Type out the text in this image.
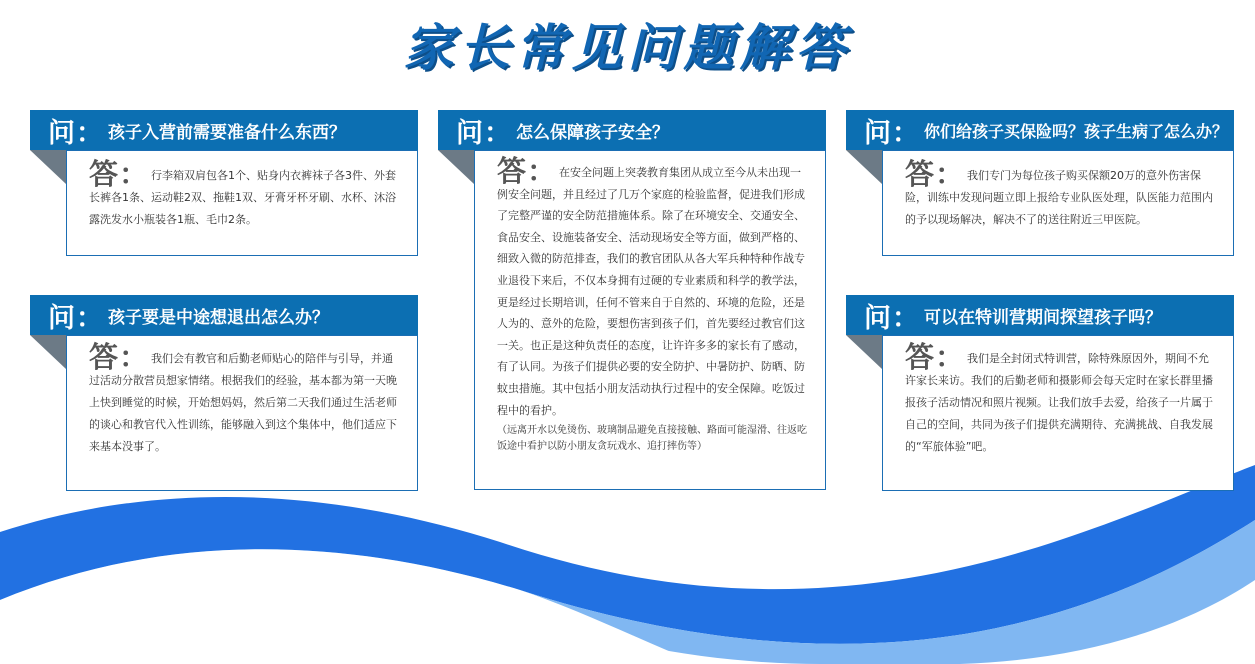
家长常见问题解答
答： 行李箱双肩包各1个、贴身内衣裤袜子各3件、外套长裤各1条、运动鞋2双、拖鞋1双、牙膏牙杯牙刷、水杯、沐浴露洗发水小瓶装各1瓶、毛巾2条。
问： 孩子入营前需要准备什么东西？
答： 我们会有教官和后勤老师贴心的陪伴与引导，并通过活动分散营员想家情绪。根据我们的经验，基本都为第一天晚上快到睡觉的时候，开始想妈妈，然后第二天我们通过生活老师的谈心和教官代入性训练，能够融入到这个集体中，他们适应下来基本没事了。
问： 孩子要是中途想退出怎么办？
答： 在安全问题上突袭教育集团从成立至今从未出现一例安全问题，并且经过了几万个家庭的检验监督，促进我们形成了完整严谨的安全防范措施体系。除了在环境安全、交通安全、食品安全、设施装备安全、活动现场安全等方面，做到严格的、细致入微的防范排查，我们的教官团队从各大军兵种特种作战专业退役下来后，不仅本身拥有过硬的专业素质和科学的教学法，更是经过长期培训，任何不管来自于自然的、环境的危险，还是人为的、意外的危险，要想伤害到孩子们，首先要经过教官们这一关。也正是这种负责任的态度，让许许多多的家长有了感动，有了认同。为孩子们提供必要的安全防护、中暑防护、防晒、防蚊虫措施。其中包括小朋友活动执行过程中的安全保障。吃饭过程中的看护。
（远离开水以免烫伤、玻璃制品避免直接接触、路面可能湿滑、往返吃饭途中看护以防小朋友贪玩戏水、追打摔伤等）
问： 怎么保障孩子安全？
答： 我们专门为每位孩子购买保额20万的意外伤害保险，训练中发现问题立即上报给专业队医处理，队医能力范围内的予以现场解决，解决不了的送往附近三甲医院。
问： 你们给孩子买保险吗？孩子生病了怎么办？
答： 我们是全封闭式特训营，除特殊原因外，期间不允许家长来访。我们的后勤老师和摄影师会每天定时在家长群里播报孩子活动情况和照片视频。让我们放手去爱，给孩子一片属于自己的空间，共同为孩子们提供充满期待、充满挑战、自我发展的“军旅体验”吧。
问： 可以在特训营期间探望孩子吗？
